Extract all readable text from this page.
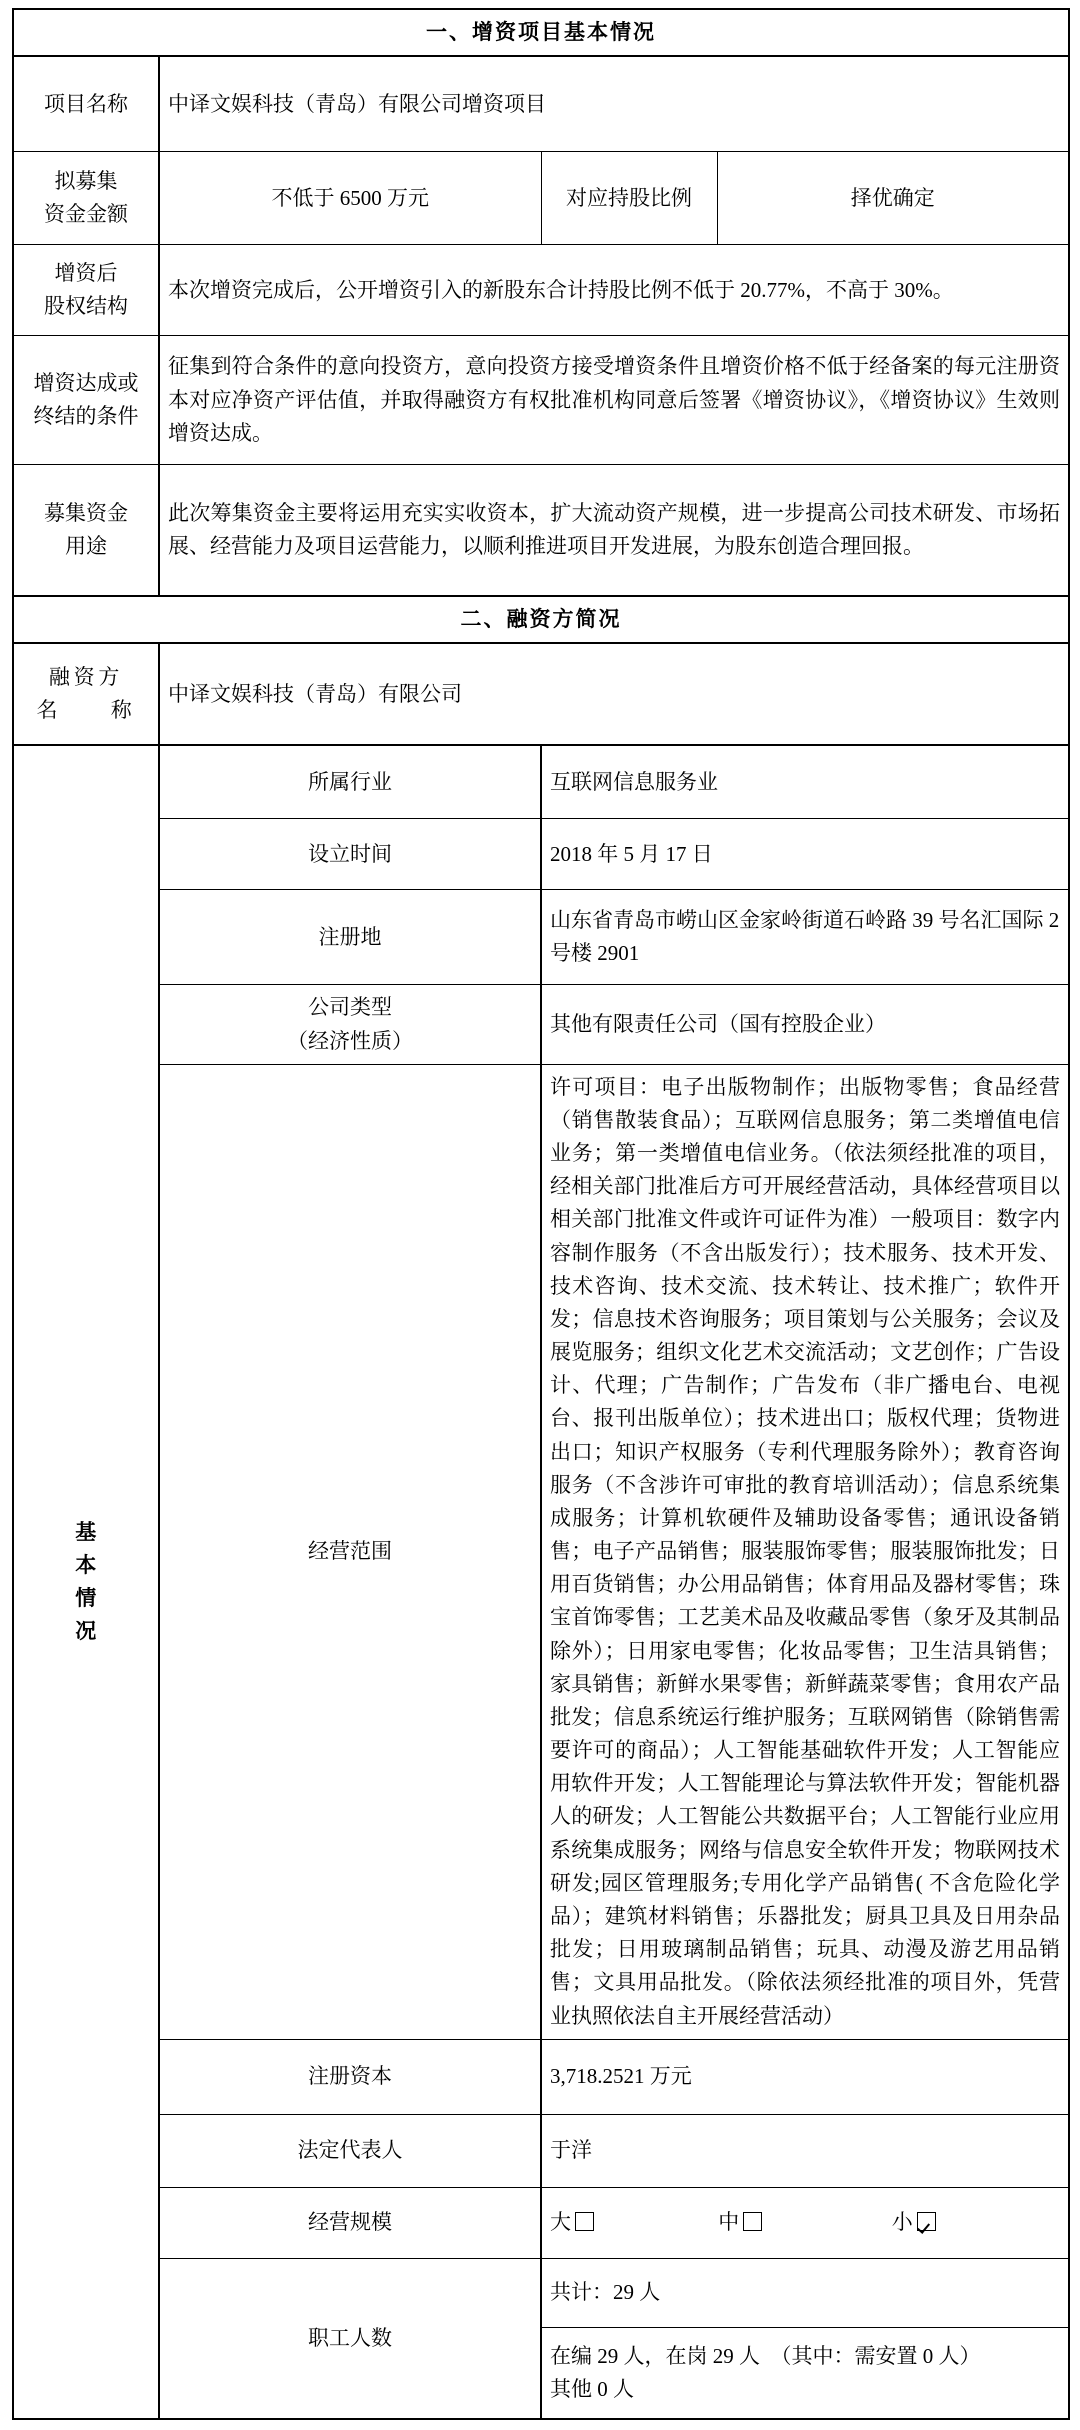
一、增资项目基本情况			
项目名称	中译文娱科技（青岛）有限公司增资项目		

拟募集
资金金额	不低于 6500 万元	对应持股比例	择优确定

增资后
股权结构	本次增资完成后，公开增资引入的新股东合计持股比例不低于 20.77%，不高于 30%。		

增资达成或
终结的条件	征集到符合条件的意向投资方，意向投资方接受增资条件且增资价格不低于经备案的每元注册资本对应净资产评估值，并取得融资方有权批准机构同意后签署《增资协议》，《增资协议》生效则增资达成。		

募集资金
用途	此次筹集资金主要将运用充实实收资本，扩大流动资产规模，进一步提高公司技术研发、市场拓展、经营能力及项目运营能力，以顺利推进项目开发进展，为股东创造合理回报。		
二、融资方简况			

融资方
名　　称	中译文娱科技（青岛）有限公司		

基
本
情
况	所属行业	互联网信息服务业	
	设立时间	2018 年 5 月 17 日	
	注册地	山东省青岛市崂山区金家岭街道石岭路 39 号名汇国际 2 号楼 2901	

	公司类型
（经济性质）	其他有限责任公司（国有控股企业）	
	经营范围	许可项目：电子出版物制作；出版物零售；食品经营（销售散装食品）；互联网信息服务；第二类增值电信业务；第一类增值电信业务。（依法须经批准的项目，经相关部门批准后方可开展经营活动，具体经营项目以相关部门批准文件或许可证件为准）一般项目：数字内容制作服务（不含出版发行）；技术服务、技术开发、技术咨询、技术交流、技术转让、技术推广；软件开发；信息技术咨询服务；项目策划与公关服务；会议及展览服务；组织文化艺术交流活动；文艺创作；广告设计、代理；广告制作；广告发布（非广播电台、电视台、报刊出版单位）；技术进出口；版权代理；货物进出口；知识产权服务（专利代理服务除外）；教育咨询服务（不含涉许可审批的教育培训活动）；信息系统集成服务；计算机软硬件及辅助设备零售；通讯设备销售；电子产品销售；服装服饰零售；服装服饰批发；日用百货销售；办公用品销售；体育用品及器材零售；珠宝首饰零售；工艺美术品及收藏品零售（象牙及其制品除外）；日用家电零售；化妆品零售；卫生洁具销售；家具销售；新鲜水果零售；新鲜蔬菜零售；食用农产品批发；信息系统运行维护服务；互联网销售（除销售需要许可的商品）；人工智能基础软件开发；人工智能应用软件开发；人工智能理论与算法软件开发；智能机器人的研发；人工智能公共数据平台；人工智能行业应用系统集成服务；网络与信息安全软件开发；物联网技术研发;园区管理服务;专用化学产品销售( 不含危险化学品）；建筑材料销售；乐器批发；厨具卫具及日用杂品批发；日用玻璃制品销售；玩具、动漫及游艺用品销售；文具用品批发。（除依法须经批准的项目外，凭营业执照依法自主开展经营活动）	
	注册资本	3,718.2521 万元	
	法定代表人	于洋	
	经营规模	大 中 小	

	职工人数	共计：29 人	

		在编 29 人，在岗 29 人　（其中：需安置 0 人）
其他 0 人	
